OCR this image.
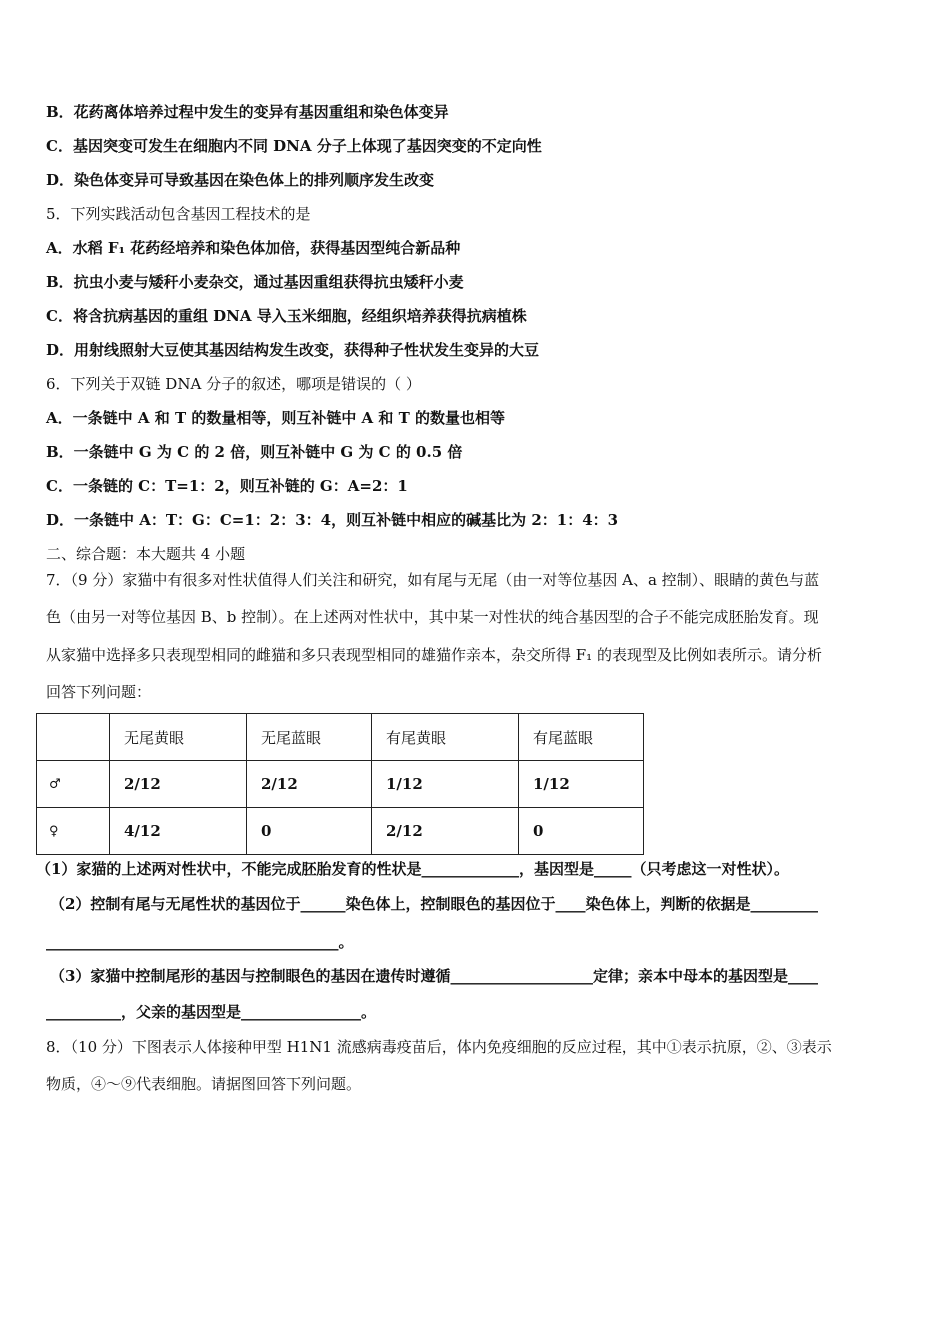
B．花药离体培养过程中发生的变异有基因重组和染色体变异
C．基因突变可发生在细胞内不同 DNA 分子上体现了基因突变的不定向性
D．染色体变异可导致基因在染色体上的排列顺序发生改变
5．下列实践活动包含基因工程技术的是
A．水稻 F₁ 花药经培养和染色体加倍，获得基因型纯合新品种
B．抗虫小麦与矮秆小麦杂交，通过基因重组获得抗虫矮秆小麦
C．将含抗病基因的重组 DNA 导入玉米细胞，经组织培养获得抗病植株
D．用射线照射大豆使其基因结构发生改变，获得种子性状发生变异的大豆
6．下列关于双链 DNA 分子的叙述，哪项是错误的（ ）
A．一条链中 A 和 T 的数量相等，则互补链中 A 和 T 的数量也相等
B．一条链中 G 为 C 的 2 倍，则互补链中 G 为 C 的 0.5 倍
C．一条链的 C：T=1：2，则互补链的 G：A=2：1
D．一条链中 A：T：G：C=1：2：3：4，则互补链中相应的碱基比为 2：1：4：3
二、综合题：本大题共 4 小题
7．（9 分）家猫中有很多对性状值得人们关注和研究，如有尾与无尾（由一对等位基因 A、a 控制）、眼睛的黄色与蓝
色（由另一对等位基因 B、b 控制）。在上述两对性状中，其中某一对性状的纯合基因型的合子不能完成胚胎发育。现
从家猫中选择多只表现型相同的雌猫和多只表现型相同的雄猫作亲本，杂交所得 F₁ 的表现型及比例如表所示。请分析
回答下列问题：
	无尾黄眼	无尾蓝眼	有尾黄眼	有尾蓝眼
♂	2/12	2/12	1/12	1/12
♀	4/12	0	2/12	0
（1）家猫的上述两对性状中，不能完成胚胎发育的性状是_____________，基因型是_____（只考虑这一对性状）。
（2）控制有尾与无尾性状的基因位于______染色体上，控制眼色的基因位于____染色体上，判断的依据是_________
_______________________________________。
（3）家猫中控制尾形的基因与控制眼色的基因在遗传时遵循___________________定律；亲本中母本的基因型是____
__________，父亲的基因型是________________。
8．（10 分）下图表示人体接种甲型 H1N1 流感病毒疫苗后，体内免疫细胞的反应过程，其中①表示抗原，②、③表示
物质，④～⑨代表细胞。请据图回答下列问题。
